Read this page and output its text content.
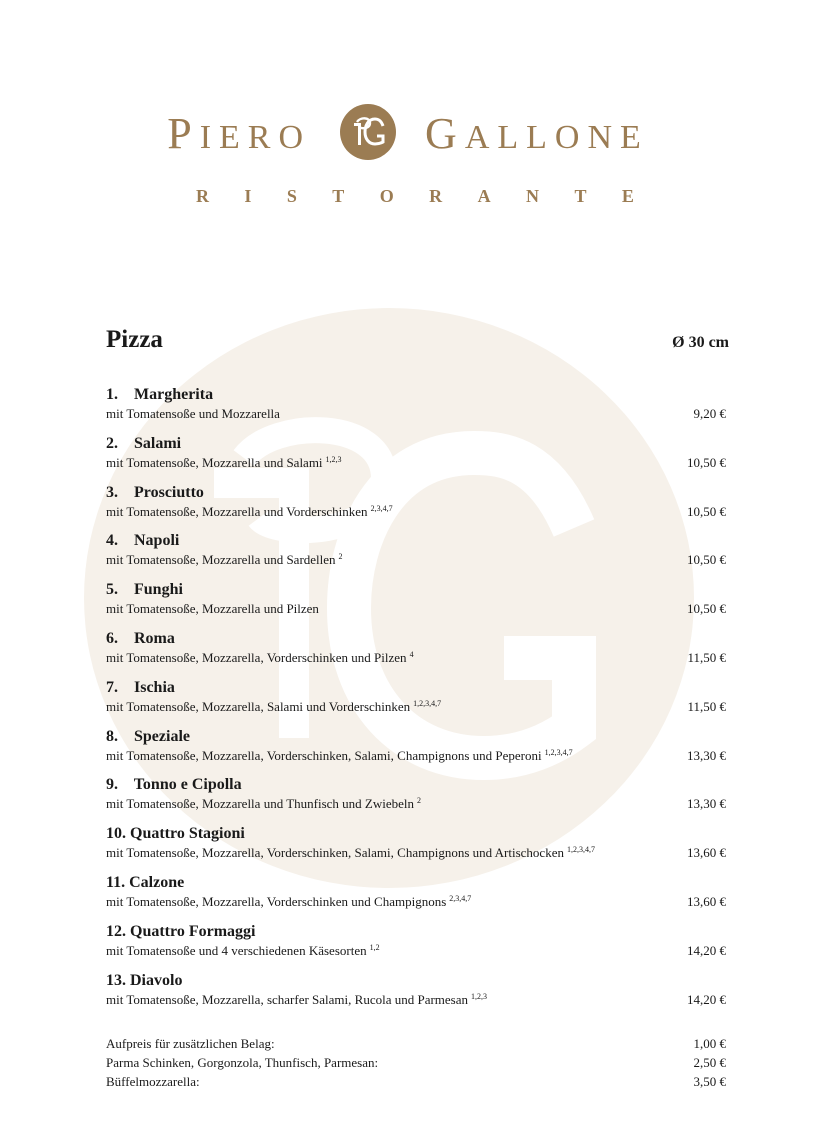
PIERO	GALLONE
R I S T O R A N T E
Pizza	Ø 30 cm
1. Margherita
mit Tomatensoße und Mozzarella	9,20 €
2. Salami
mit Tomatensoße, Mozzarella und Salami $^{1,2,3}$	10,50 €
3. Prosciutto
mit Tomatensoße, Mozzarella und Vorderschinken $^{2,3,4,7}$	10,50 €
4. Napoli
mit Tomatensoße, Mozzarella und Sardellen $^2$	10,50 €
5. Funghi
mit Tomatensoße, Mozzarella und Pilzen	10,50 €
6. Roma
mit Tomatensoße, Mozzarella, Vorderschinken und Pilzen $^4$	11,50 €
7. Ischia
mit Tomatensoße, Mozzarella, Salami und Vorderschinken $^{1,2,3,4,7}$	11,50 €
8. Speziale
mit Tomatensoße, Mozzarella, Vorderschinken, Salami, Champignons und Peperoni $^{1,2,3,4,7}$	13,30 €
9. Tonno e Cipolla
mit Tomatensoße, Mozzarella und Thunfisch und Zwiebeln $^2$	13,30 €
10. Quattro Stagioni
mit Tomatensoße, Mozzarella, Vorderschinken, Salami, Champignons und Artischocken $^{1,2,3,4,7}$	13,60 €
11. Calzone
mit Tomatensoße, Mozzarella, Vorderschinken und Champignons $^{2,3,4,7}$	13,60 €
12. Quattro Formaggi
mit Tomatensoße und 4 verschiedenen Käsesorten $^{1,2}$	14,20 €
13. Diavolo
mit Tomatensoße, Mozzarella, scharfer Salami, Rucola und Parmesan $^{1,2,3}$	14,20 €
Aufpreis für zusätzlichen Belag:	1,00 €
Parma Schinken, Gorgonzola, Thunfisch, Parmesan:	2,50 €
Büffelmozzarella:	3,50 €
